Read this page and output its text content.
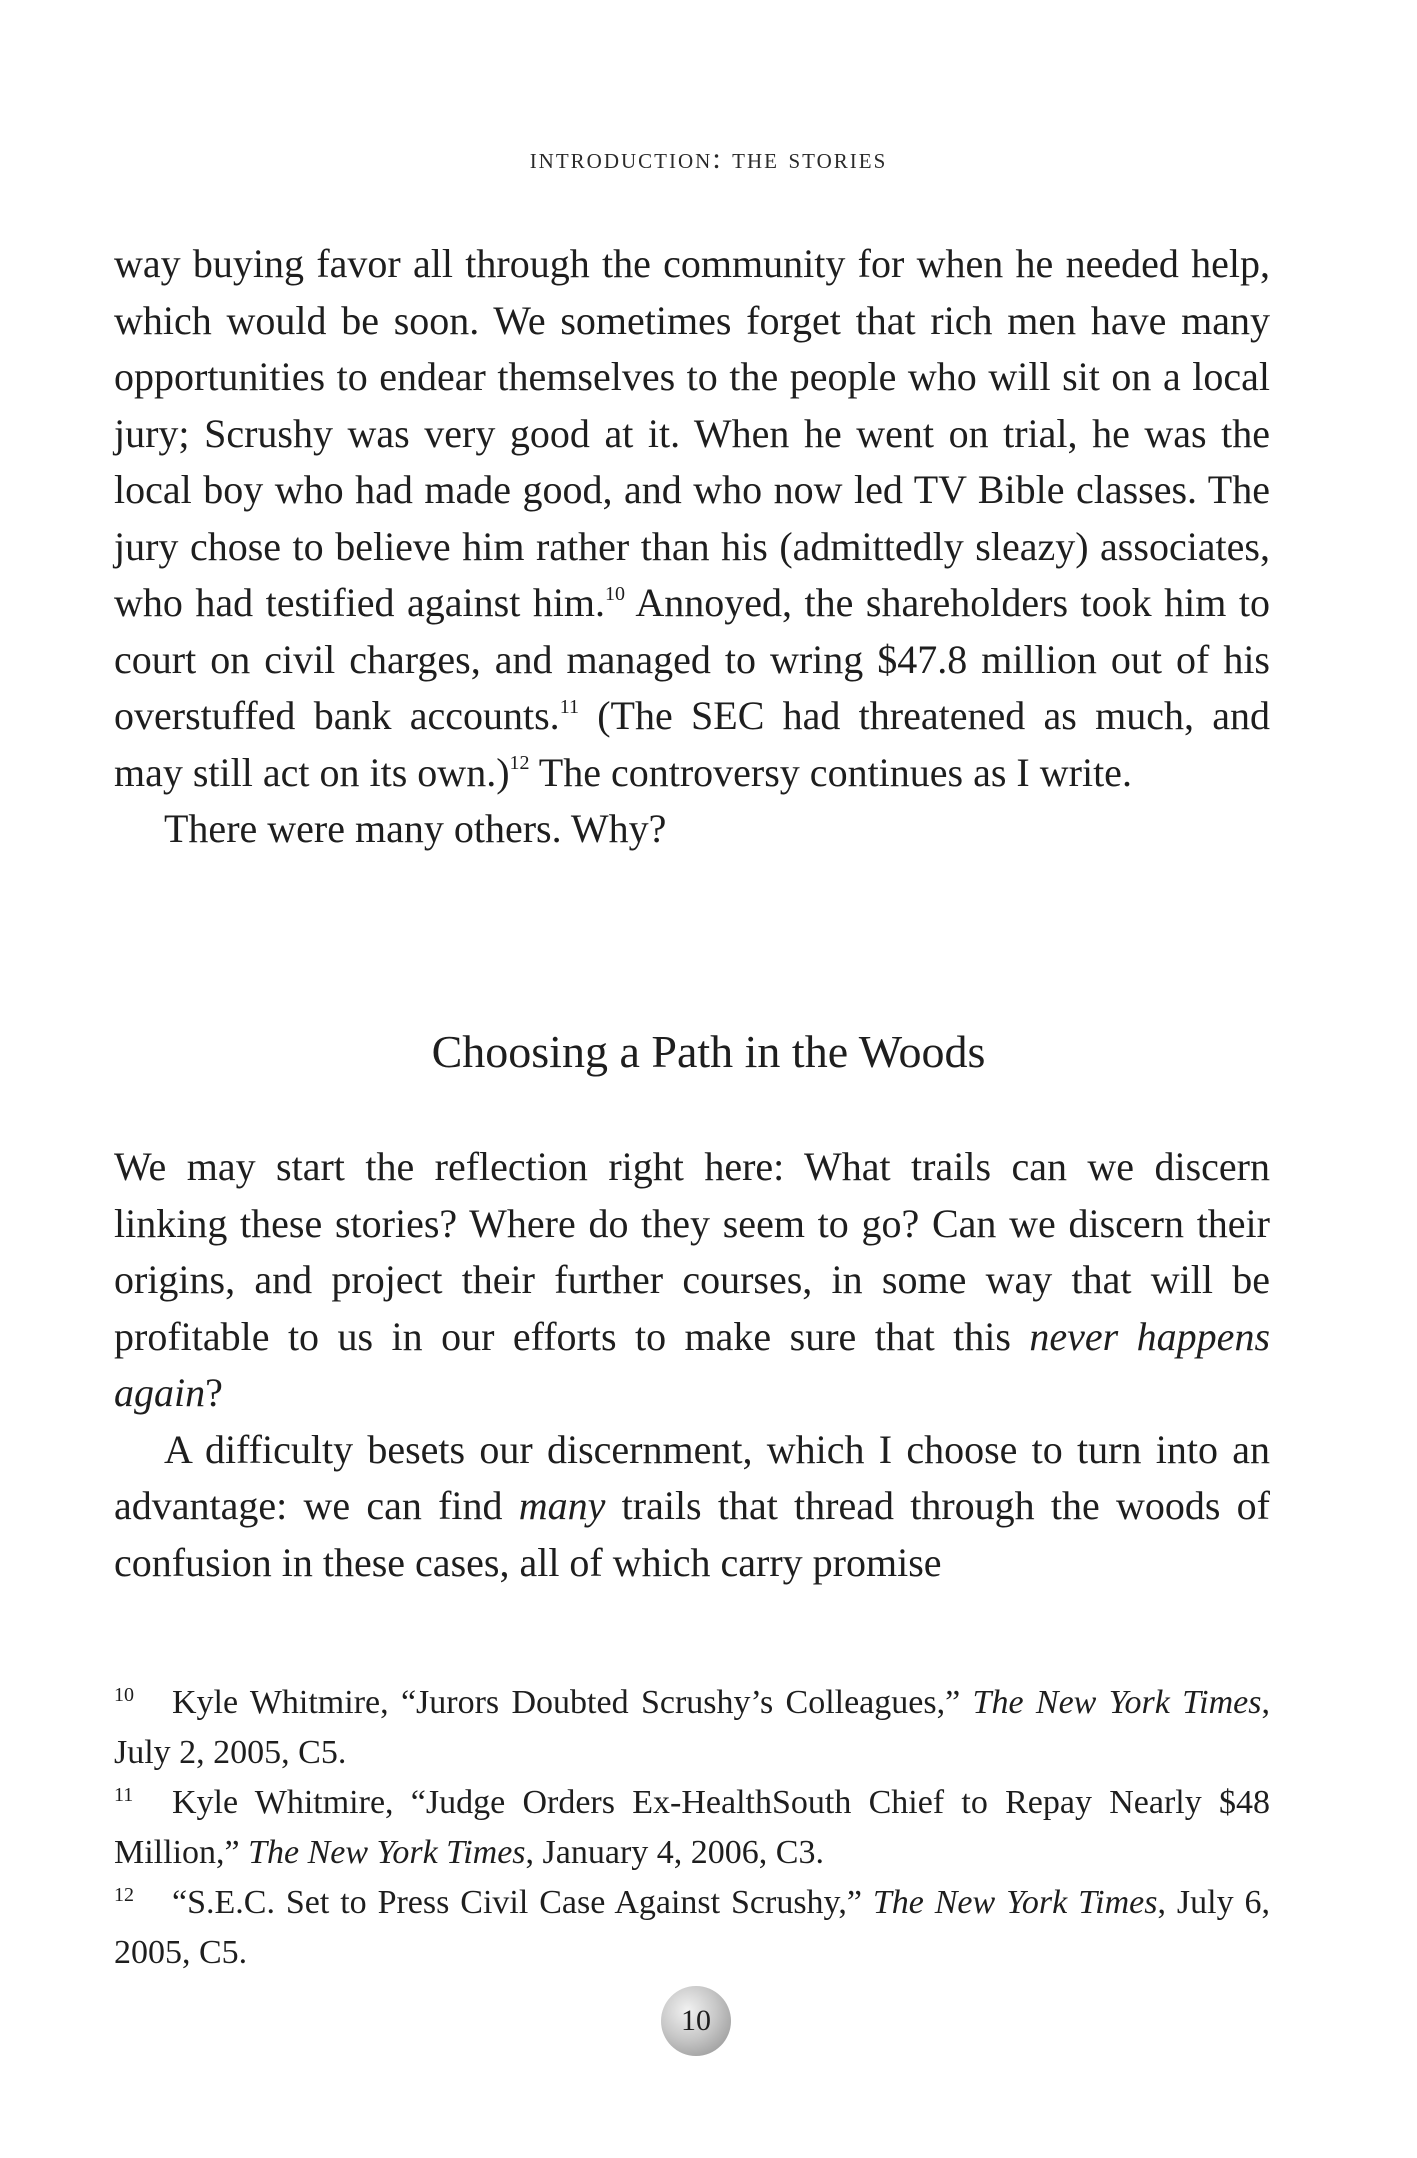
introduction: the stories

way buying favor all through the community for when he needed help, which would be soon. We sometimes forget that rich men have many opportunities to endear themselves to the people who will sit on a local jury; Scrushy was very good at it. When he went on trial, he was the local boy who had made good, and who now led TV Bible classes. The jury chose to believe him rather than his (admittedly sleazy) associates, who had testified against him.$^{10}$ Annoyed, the shareholders took him to court on civil charges, and managed to wring $47.8 million out of his overstuffed bank accounts.$^{11}$ (The SEC had threatened as much, and may still act on its own.)$^{12}$ The controversy continues as I write.

There were many others. Why?

Choosing a Path in the Woods

We may start the reflection right here: What trails can we discern linking these stories? Where do they seem to go? Can we discern their origins, and project their further courses, in some way that will be profitable to us in our efforts to make sure that this never happens again?

A difficulty besets our discernment, which I choose to turn into an advantage: we can find many trails that thread through the woods of confusion in these cases, all of which carry promise

10 Kyle Whitmire, “Jurors Doubted Scrushy’s Colleagues,” The New York Times, July 2, 2005, C5.

11 Kyle Whitmire, “Judge Orders Ex-HealthSouth Chief to Repay Nearly $48 Million,” The New York Times, January 4, 2006, C3.

12 “S.E.C. Set to Press Civil Case Against Scrushy,” The New York Times, July 6, 2005, C5.

10
